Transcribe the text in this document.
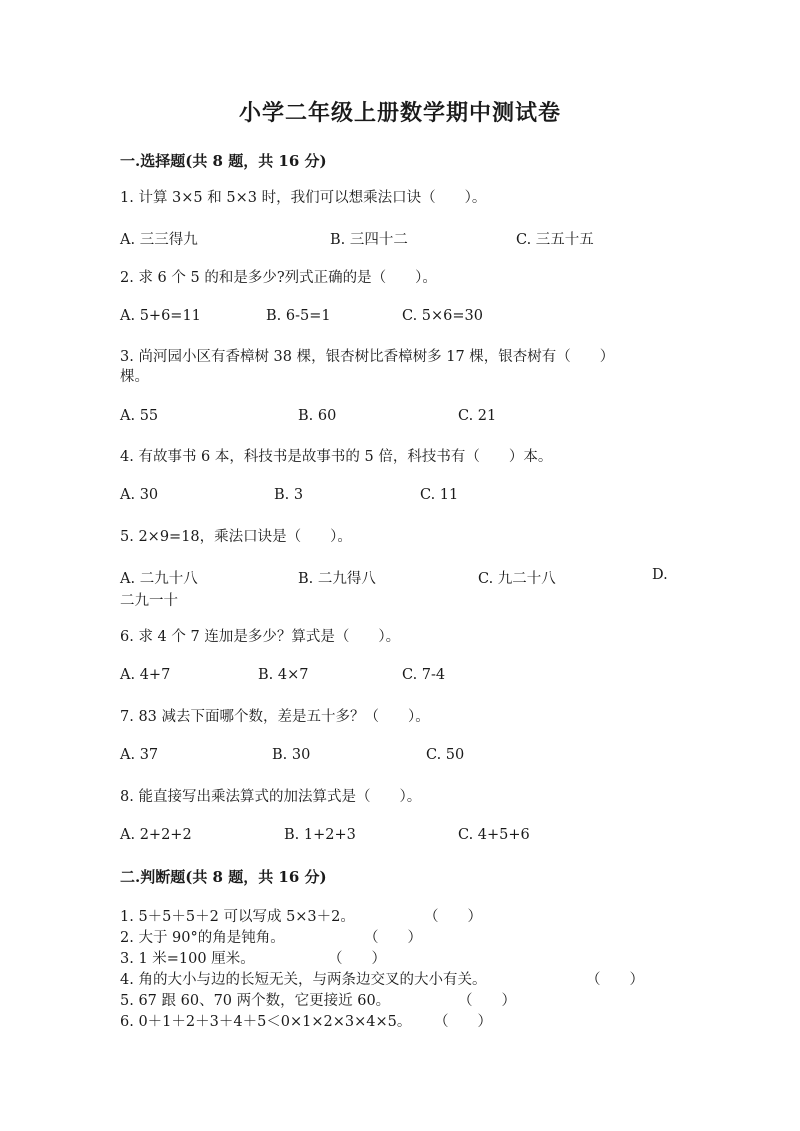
小学二年级上册数学期中测试卷
一.选择题(共 8 题，共 16 分)
1. 计算 3×5 和 5×3 时，我们可以想乘法口诀（　　）。
A. 三三得九	B. 三四十二	C. 三五十五
2. 求 6 个 5 的和是多少?列式正确的是（　　）。
A. 5+6=11	B. 6-5=1	C. 5×6=30
3. 尚河园小区有香樟树 38 棵，银杏树比香樟树多 17 棵，银杏树有（　　）
棵。
A. 55	B. 60	C. 21
4. 有故事书 6 本，科技书是故事书的 5 倍，科技书有（　　）本。
A. 30	B. 3	C. 11
5. 2×9=18，乘法口诀是（　　）。
A. 二九十八	B. 二九得八	C. 九二十八	D.
二九一十
6. 求 4 个 7 连加是多少？算式是（　　）。
A. 4+7	B. 4×7	C. 7-4
7. 83 减去下面哪个数，差是五十多？（　　）。
A. 37	B. 30	C. 50
8. 能直接写出乘法算式的加法算式是（　　）。
A. 2+2+2	B. 1+2+3	C. 4+5+6
二.判断题(共 8 题，共 16 分)
1. 5＋5＋5＋2 可以写成 5×3＋2。	（　　）
2. 大于 90°的角是钝角。	（　　）
3. 1 米=100 厘米。	（　　）
4. 角的大小与边的长短无关，与两条边交叉的大小有关。	（　　）
5. 67 跟 60、70 两个数，它更接近 60。	（　　）
6. 0＋1＋2＋3＋4＋5＜0×1×2×3×4×5。 （　　）
